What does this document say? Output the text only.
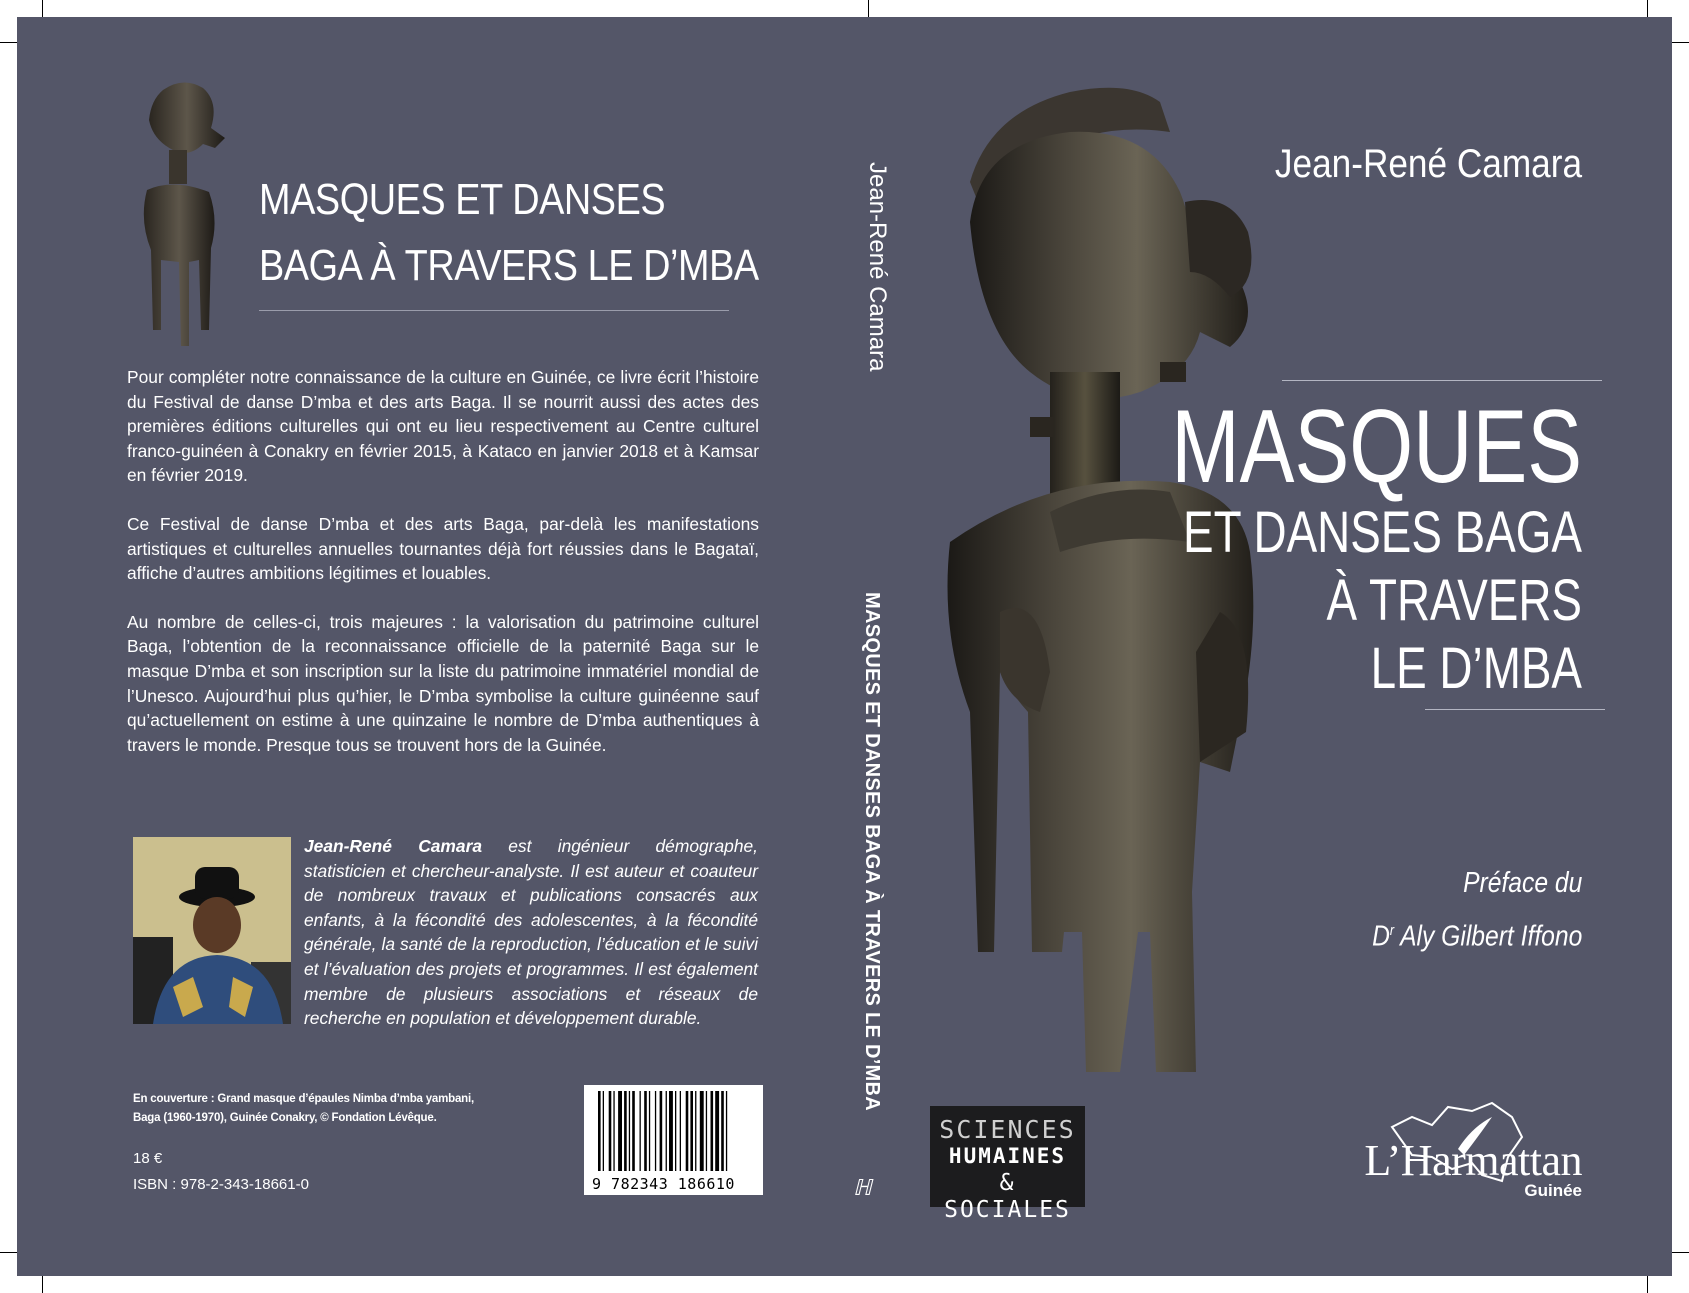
MASQUES ET DANSES
BAGA À TRAVERS LE D’MBA

Pour compléter notre connaissance de la culture en Guinée, ce livre écrit l’histoire du Festival de danse D’mba et des arts Baga. Il se nourrit aussi des actes des premières éditions culturelles qui ont eu lieu respectivement au Centre culturel franco-guinéen à Conakry en février 2015, à Kataco en janvier 2018 et à Kamsar en février 2019.

Ce Festival de danse D’mba et des arts Baga, par-delà les manifestations artistiques et culturelles annuelles tournantes déjà fort réussies dans le Bagataï, affiche d’autres ambitions légitimes et louables.

Au nombre de celles-ci, trois majeures : la valorisation du patrimoine culturel Baga, l’obtention de la reconnaissance officielle de la paternité Baga sur le masque D’mba et son inscription sur la liste du patrimoine immatériel mondial de l’Unesco. Aujourd’hui plus qu’hier, le D’mba symbolise la culture guinéenne sauf qu’actuellement on estime à une quinzaine le nombre de D’mba authentiques à travers le monde. Presque tous se trouvent hors de la Guinée.

Jean-René Camara est ingénieur démographe, statisticien et chercheur-analyste. Il est auteur et coauteur de nombreux travaux et publications consacrés aux enfants, à la fécondité des adolescentes, à la fécondité générale, la santé de la reproduction, l’éducation et le suivi et l’évaluation des projets et programmes. Il est également membre de plusieurs associations et réseaux de recherche en population et développement durable.
En couverture : Grand masque d’épaules Nimba d’mba yambani,
Baga (1960-1970), Guinée Conakry, © Fondation Lévêque.
18 €
ISBN : 978-2-343-18661-0	9 782343 186610
Jean-René Camara
MASQUES ET DANSES BAGA À TRAVERS LE D’MBA
SCIENCES
HUMAINES
& SOCIALES
ℍ
Jean-René Camara
MASQUES
ET DANSES BAGA
À TRAVERS
LE D’MBA
Préface du
$D^r$ Aly Gilbert Iffono
L’Harmattan
Guinée
